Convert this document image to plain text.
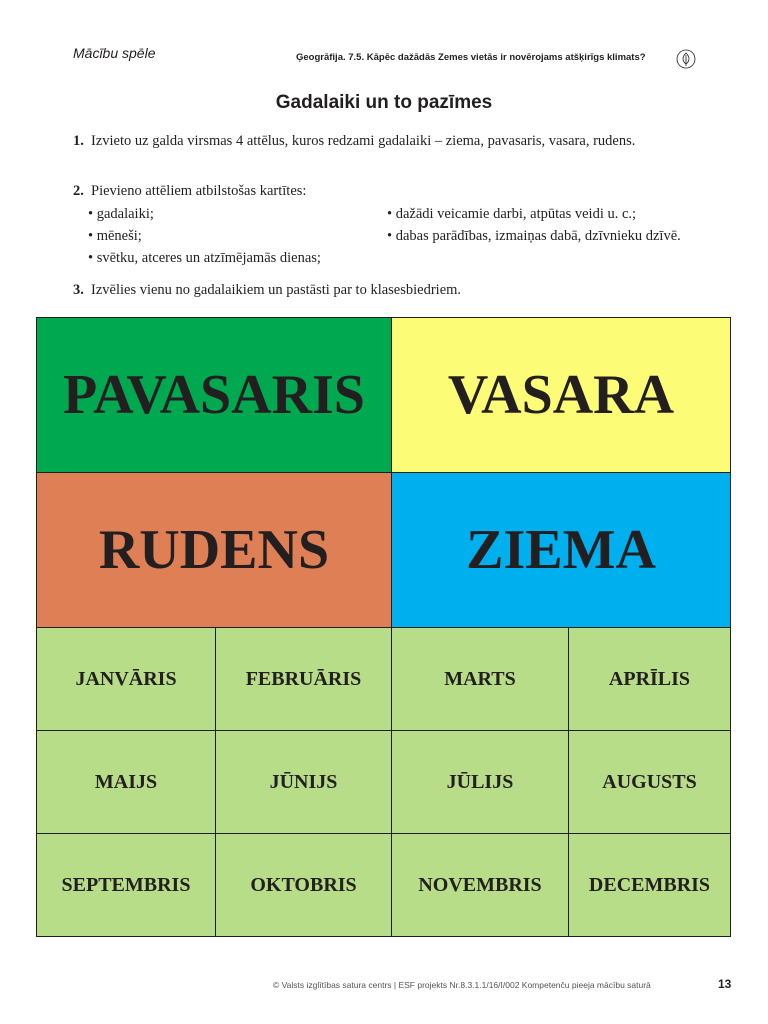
Mācību spēle	Ģeogrāfija. 7.5. Kāpēc dažādās Zemes vietās ir novērojams atšķirīgs klimats?
Gadalaiki un to pazīmes
1. Izvieto uz galda virsmas 4 attēlus, kuros redzami gadalaiki – ziema, pavasaris, vasara, rudens.
2. Pievieno attēliem atbilstošas kartītes:
• gadalaiki;
• mēneši;
• svētku, atceres un atzīmējamās dienas;
• dažādi veicamie darbi, atpūtas veidi u. c.;
• dabas parādības, izmaiņas dabā, dzīvnieku dzīvē.
3. Izvēlies vienu no gadalaikiem un pastāsti par to klasesbiedriem.
PAVASARIS	VASARA
RUDENS	ZIEMA
JANVĀRIS	FEBRUĀRIS	MARTS	APRĪLIS
MAIJS	JŪNIJS	JŪLIJS	AUGUSTS
SEPTEMBRIS	OKTOBRIS	NOVEMBRIS	DECEMBRIS
© Valsts izglītības satura centrs | ESF projekts Nr.8.3.1.1/16/I/002 Kompetenču pieeja mācību saturā	13
